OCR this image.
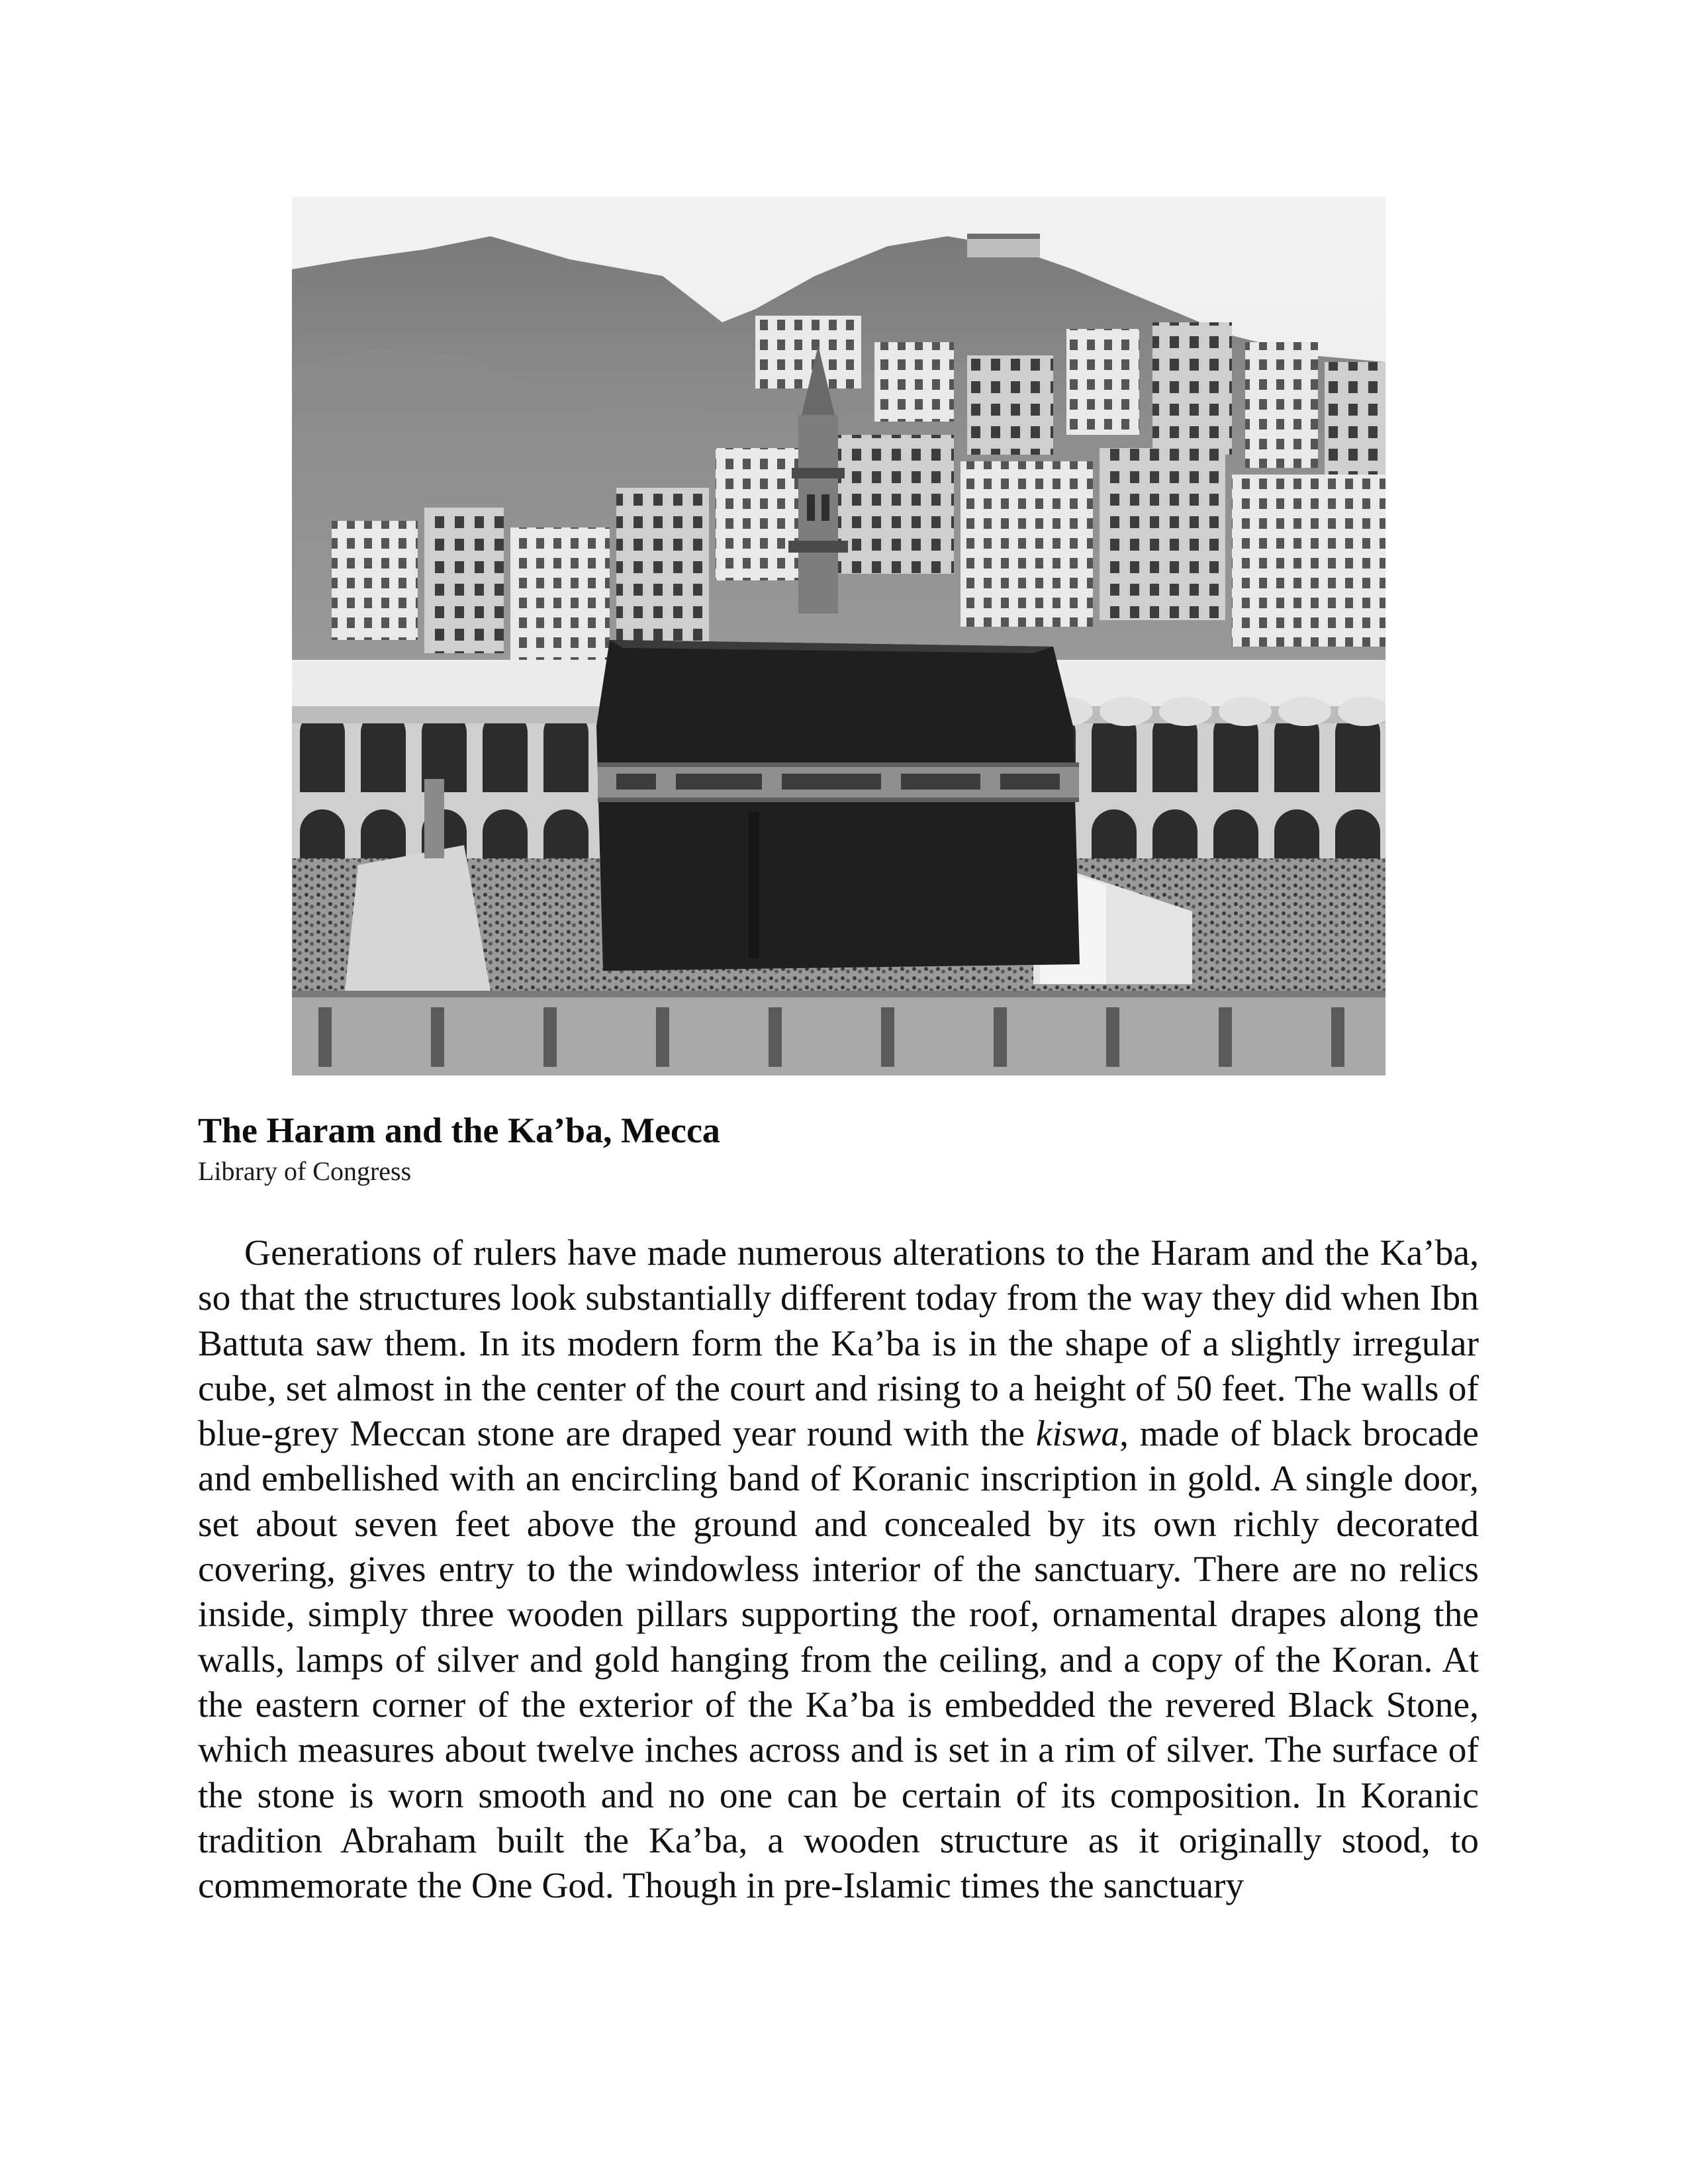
The Haram and the Ka’ba, Mecca
Library of Congress

Generations of rulers have made numerous alterations to the Haram and the Ka’ba, so that the structures look substantially different today from the way they did when Ibn Battuta saw them. In its modern form the Ka’ba is in the shape of a slightly irregular cube, set almost in the center of the court and rising to a height of 50 feet. The walls of blue-grey Meccan stone are draped year round with the kiswa, made of black brocade and embellished with an encircling band of Koranic inscription in gold. A single door, set about seven feet above the ground and concealed by its own richly decorated covering, gives entry to the windowless interior of the sanctuary. There are no relics inside, simply three wooden pillars supporting the roof, ornamental drapes along the walls, lamps of silver and gold hanging from the ceiling, and a copy of the Koran. At the eastern corner of the exterior of the Ka’ba is embedded the revered Black Stone, which measures about twelve inches across and is set in a rim of silver. The surface of the stone is worn smooth and no one can be certain of its composition. In Koranic tradition Abraham built the Ka’ba, a wooden structure as it originally stood, to commemorate the One God. Though in pre-Islamic times the sanctuary
